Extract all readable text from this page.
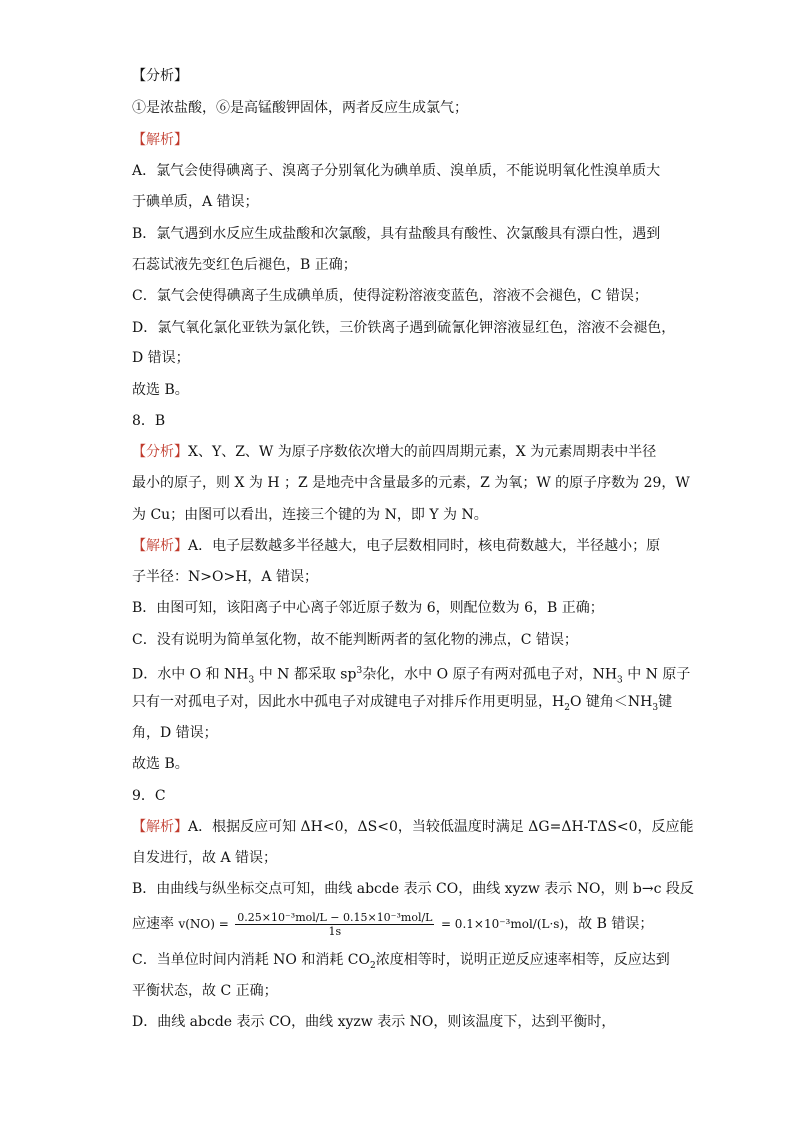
【分析】
①是浓盐酸，⑥是高锰酸钾固体，两者反应生成氯气；
【解析】
A．氯气会使得碘离子、溴离子分别氧化为碘单质、溴单质，不能说明氧化性溴单质大
于碘单质，A 错误；
B．氯气遇到水反应生成盐酸和次氯酸，具有盐酸具有酸性、次氯酸具有漂白性，遇到
石蕊试液先变红色后褪色，B 正确；
C．氯气会使得碘离子生成碘单质，使得淀粉溶液变蓝色，溶液不会褪色，C 错误；
D．氯气氧化氯化亚铁为氯化铁，三价铁离子遇到硫氰化钾溶液显红色，溶液不会褪色，
D 错误；
故选 B。
8．B
【分析】X、Y、Z、W 为原子序数依次增大的前四周期元素，X 为元素周期表中半径
最小的原子，则 X 为 H ；Z 是地壳中含量最多的元素，Z 为氧；W 的原子序数为 29，W
为 Cu；由图可以看出，连接三个键的为 N，即 Y 为 N。
【解析】A．电子层数越多半径越大，电子层数相同时，核电荷数越大，半径越小；原
子半径：N>O>H，A 错误；
B．由图可知，该阳离子中心离子邻近原子数为 6，则配位数为 6，B 正确；
C．没有说明为简单氢化物，故不能判断两者的氢化物的沸点，C 错误；
D．水中 O 和 $NH_3$ 中 N 都采取 $sp^3$杂化，水中 O 原子有两对孤电子对，$NH_3$ 中 N 原子
只有一对孤电子对，因此水中孤电子对成键电子对排斥作用更明显，$H_2O$ 键角$<NH_3$键
角，D 错误；
故选 B。
9．C
【解析】A．根据反应可知 ΔH<0，ΔS<0，当较低温度时满足 ΔG=ΔH-TΔS<0，反应能
自发进行，故 A 错误；
B．由曲线与纵坐标交点可知，曲线 abcde 表示 CO，曲线 xyzw 表示 NO，则 b→c 段反
应速率 $v(NO) = \frac{\text{0.25×10⁻³mol/L − 0.15×10⁻³mol/L}}{1s} = 0.1\times 10^{-3}mol/(L\cdot s)$，故 B 错误；
C．当单位时间内消耗 NO 和消耗 $CO_2$浓度相等时，说明正逆反应速率相等，反应达到
平衡状态，故 C 正确；
D．曲线 abcde 表示 CO，曲线 xyzw 表示 NO，则该温度下，达到平衡时，
